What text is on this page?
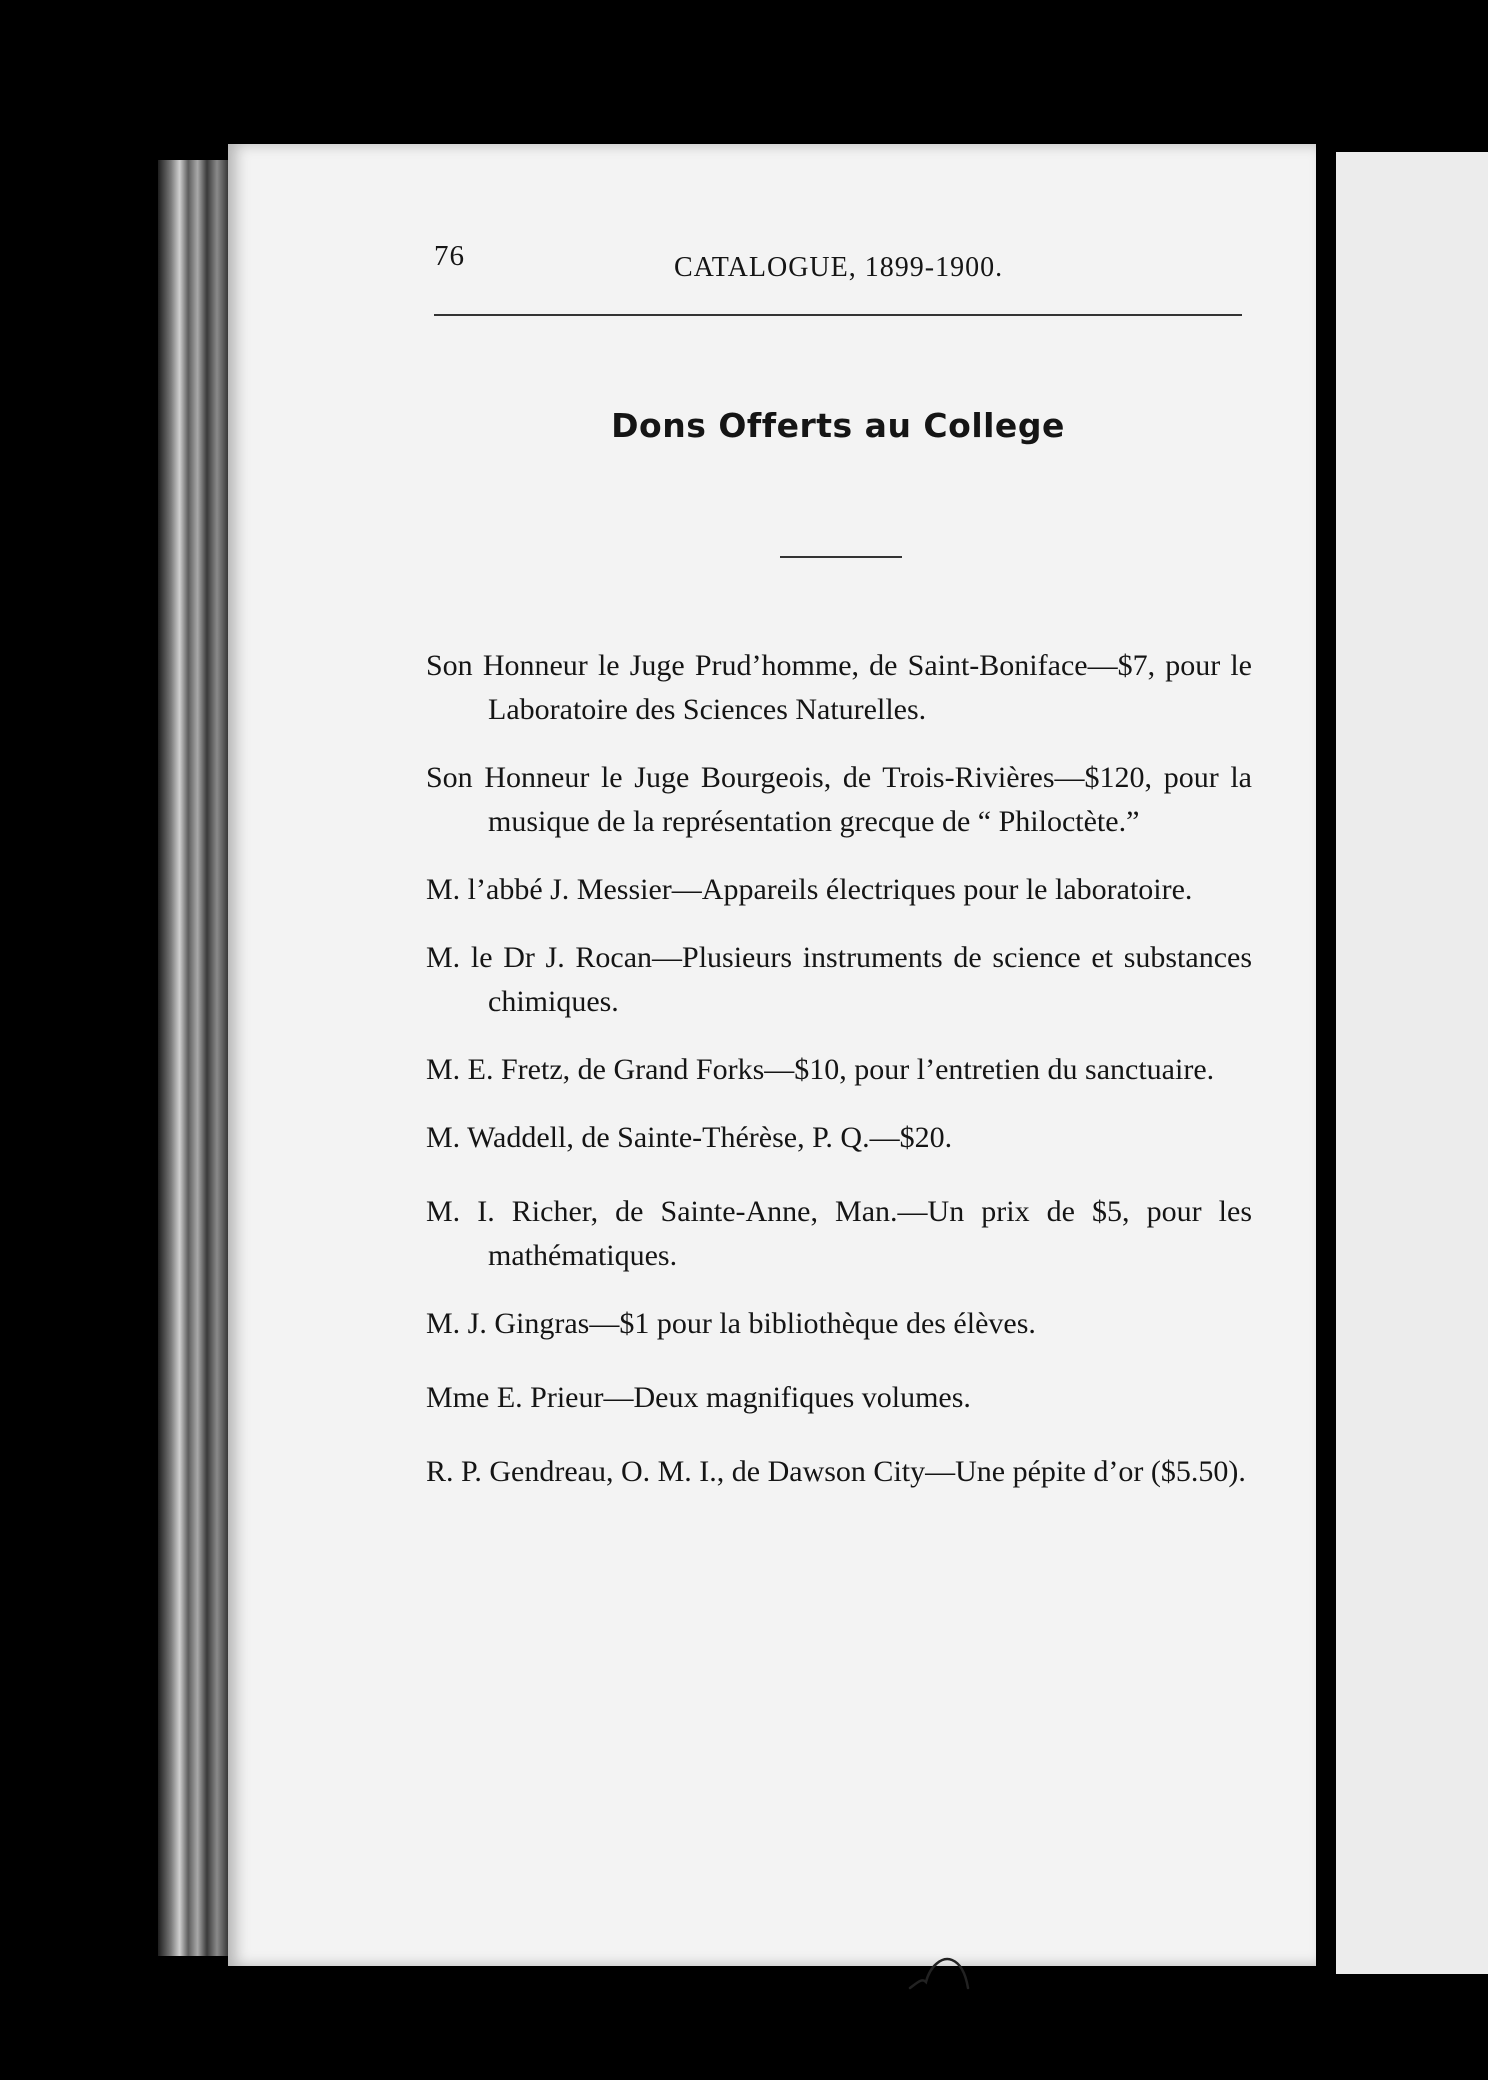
76	CATALOGUE, 1899-1900.
Dons Offerts au College
Son Honneur le Juge Prud’homme, de Saint-Boniface—$7, pour le Laboratoire des Sciences Naturelles.
Son Honneur le Juge Bourgeois, de Trois-Rivières—$120, pour la musique de la représentation grecque de “ Philoctète.”
M. l’abbé J. Messier—Appareils électriques pour le laboratoire.
M. le Dr J. Rocan—Plusieurs instruments de science et substances chimiques.
M. E. Fretz, de Grand Forks—$10, pour l’entretien du sanctuaire.
M. Waddell, de Sainte-Thérèse, P. Q.—$20.
M. I. Richer, de Sainte-Anne, Man.—Un prix de $5, pour les mathématiques.
M. J. Gingras—$1 pour la bibliothèque des élèves.
Mme E. Prieur—Deux magnifiques volumes.
R. P. Gendreau, O. M. I., de Dawson City—Une pépite d’or ($5.50).
